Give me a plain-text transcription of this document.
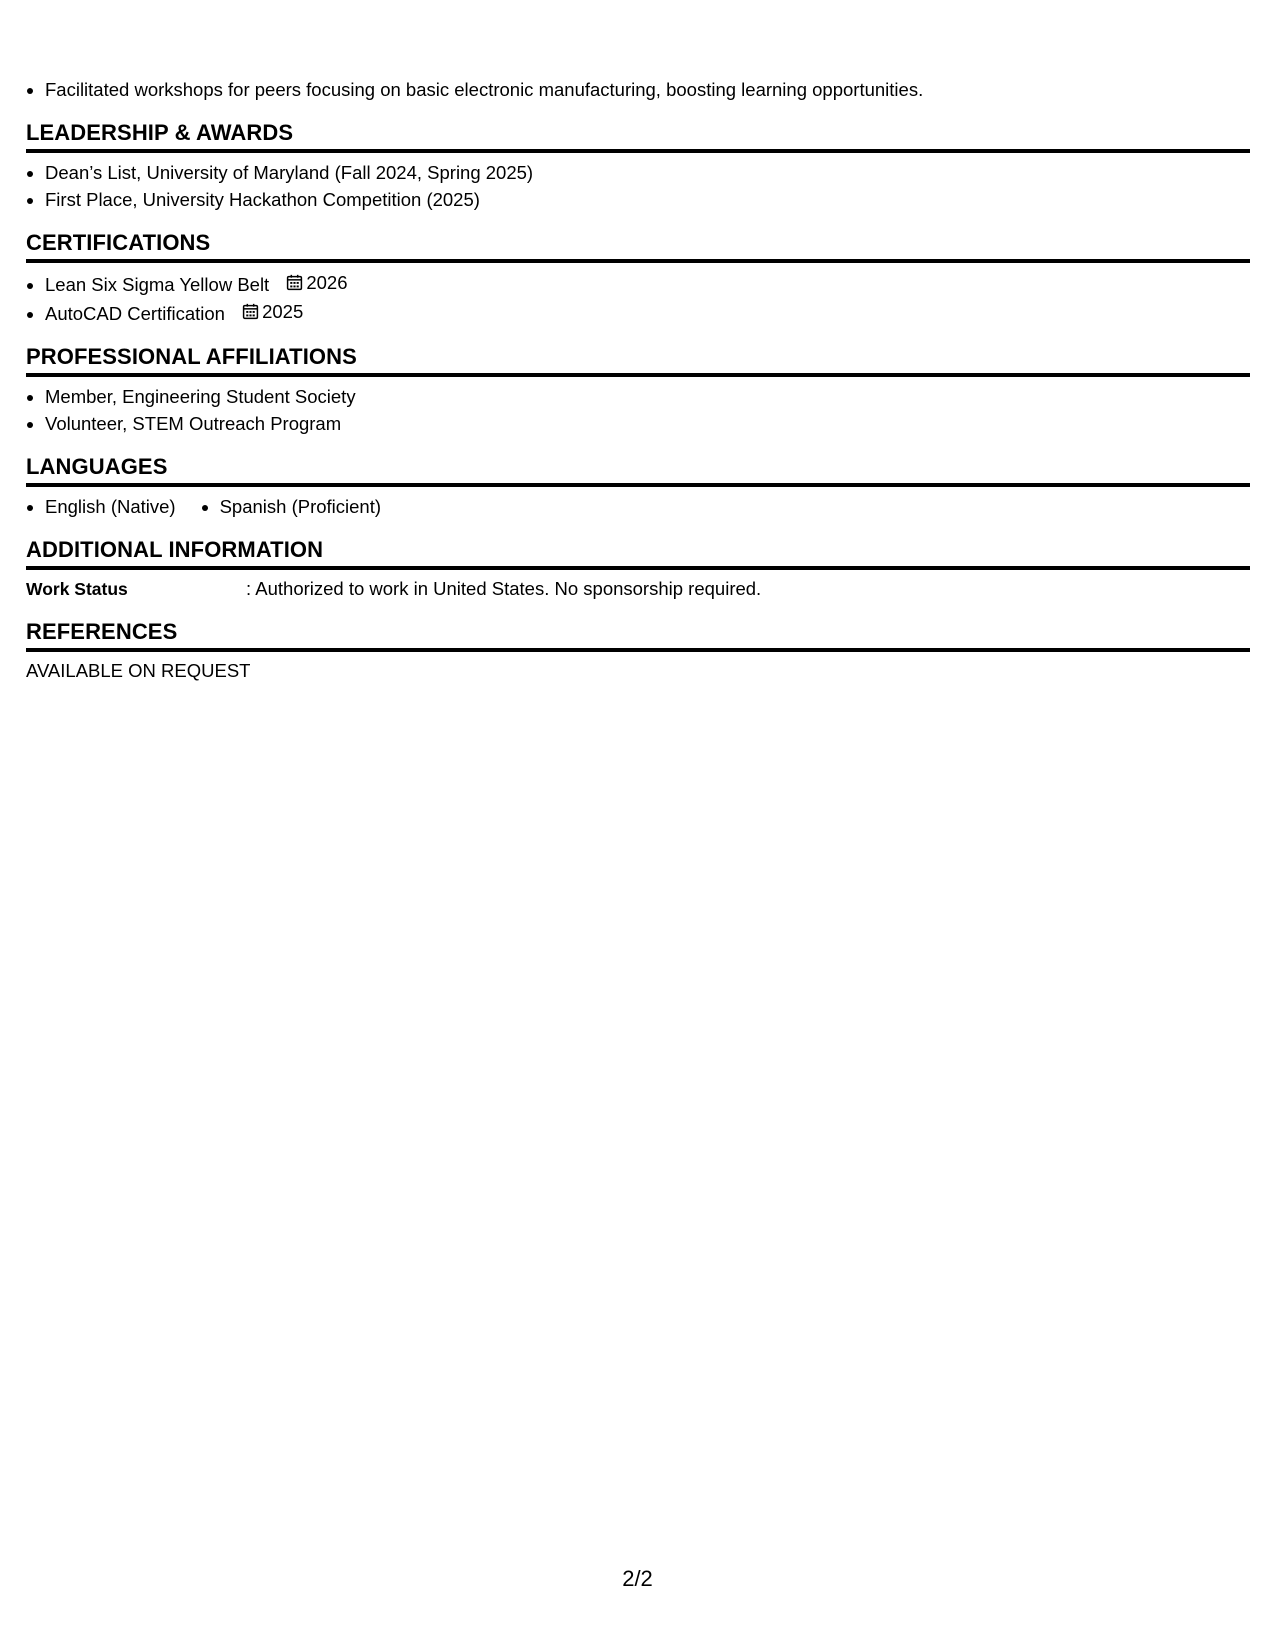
• Facilitated workshops for peers focusing on basic electronic manufacturing, boosting learning opportunities.
LEADERSHIP & AWARDS
• Dean’s List, University of Maryland (Fall 2024, Spring 2025)
• First Place, University Hackathon Competition (2025)
CERTIFICATIONS
• Lean Six Sigma Yellow Belt 2026
• AutoCAD Certification 2025
PROFESSIONAL AFFILIATIONS
• Member, Engineering Student Society
• Volunteer, STEM Outreach Program
LANGUAGES
• English (Native)
• Spanish (Proficient)
ADDITIONAL INFORMATION
Work Status	: Authorized to work in United States. No sponsorship required.
REFERENCES
AVAILABLE ON REQUEST
2/2
